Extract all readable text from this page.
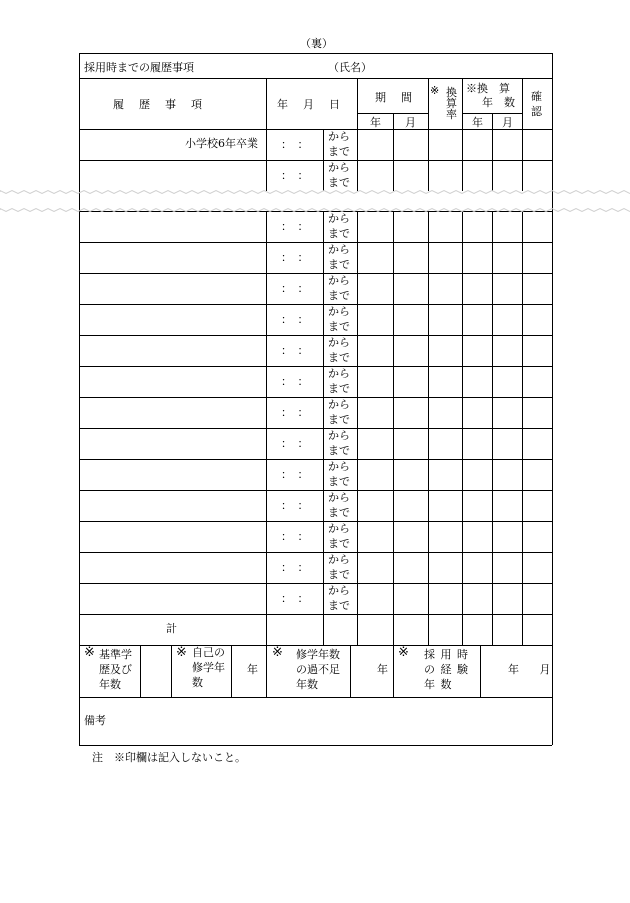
（裏）
採用時までの履歴事項	（氏名）
履　歴　事　項	年　月　日
期　間
年 月
※ 換
算
率
※換　算
年　数
年 月
確
認
小学校6年卒業 ：　：
から
まで
：　：
から
まで
：　：
から
まで
：　：
から
まで
：　：
から
まで
：　：
から
まで
：　：
から
まで
：　：
から
まで
：　：
から
まで
：　：
から
まで
：　：
から
まで
：　：
から
まで
：　：
から
まで
：　：
から
まで
：　：
から
まで
計
※ 基準学
歴及び
年数
※ 自己の
修学年
数
年
※ 修学年数
の過不足
年数
年
※ 採 用 時
の 経 験
年 数
年　 月
備考
注　※印欄は記入しないこと。
